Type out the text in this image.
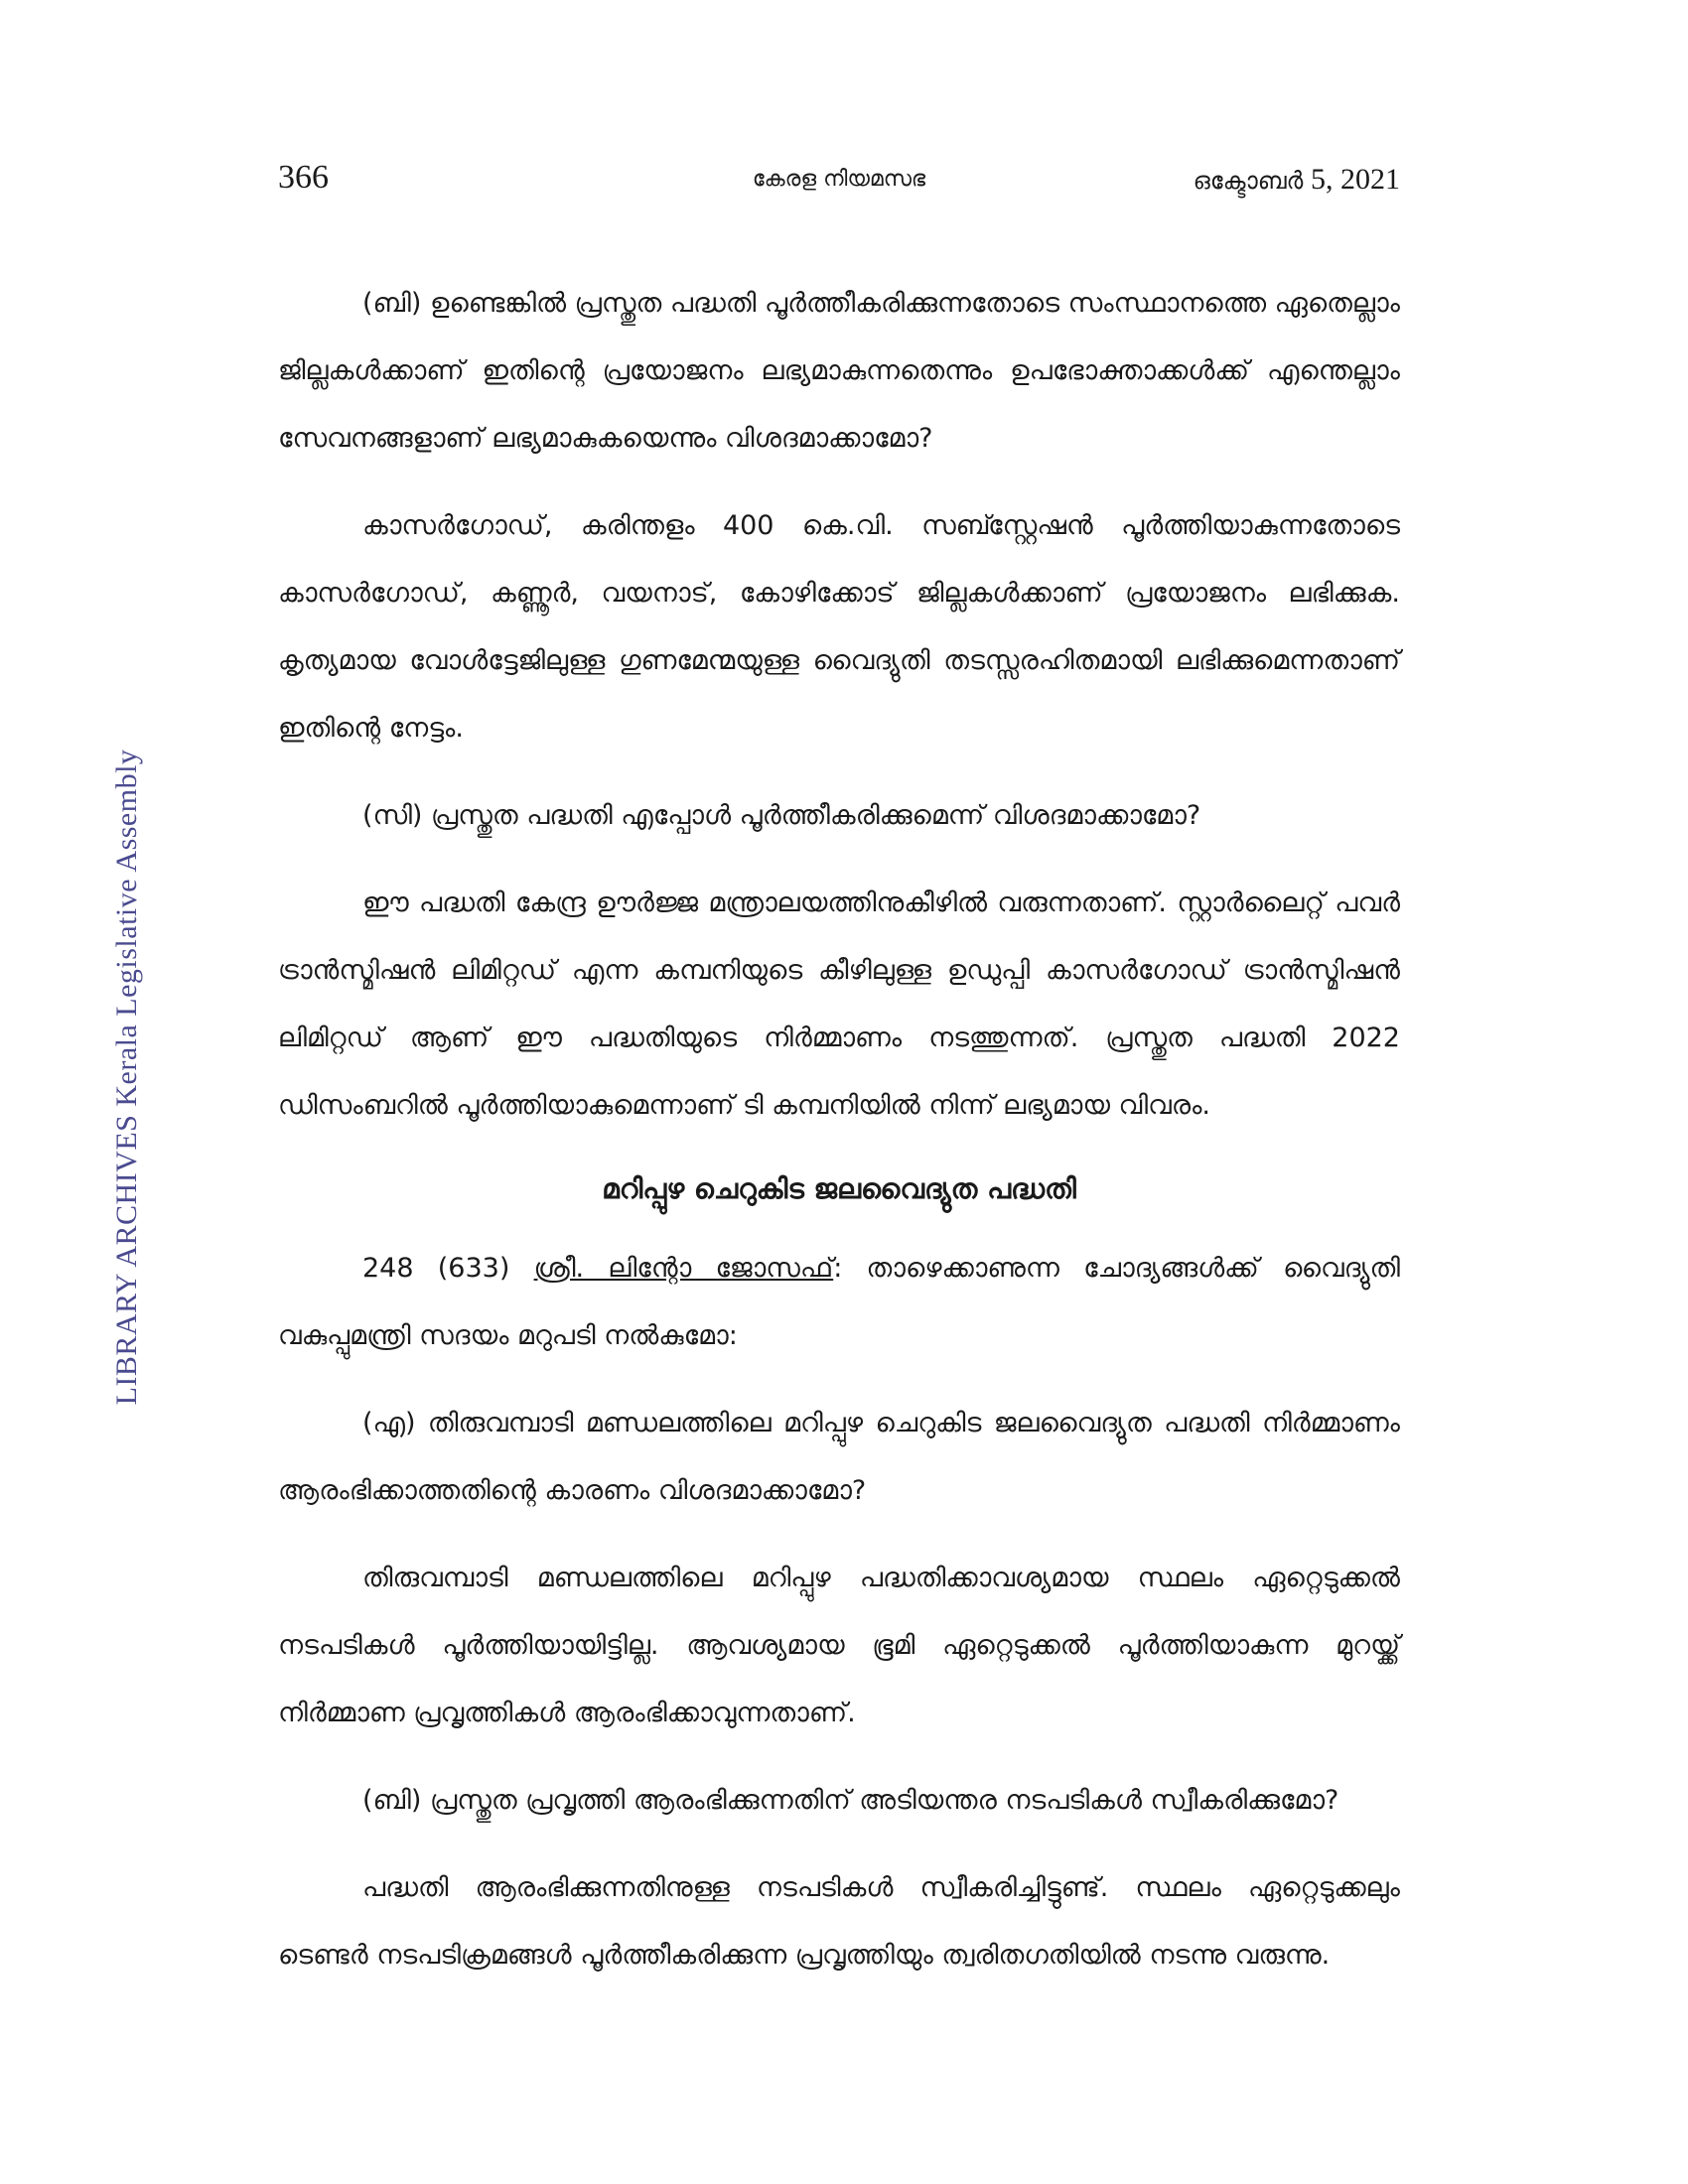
366	കേരള നിയമസഭ	ഒക്ടോബർ 5, 2021
LIBRARY ARCHIVES Kerala Legislative Assembly

(ബി) ഉണ്ടെങ്കിൽ പ്രസ്തുത പദ്ധതി പൂർത്തീകരിക്കുന്നതോടെ സംസ്ഥാനത്തെ ഏതെല്ലാം ജില്ലകൾക്കാണ് ഇതിന്റെ പ്രയോജനം ലഭ്യമാകുന്നതെന്നും ഉപഭോക്താക്കൾക്ക് എന്തെല്ലാം സേവനങ്ങളാണ് ലഭ്യമാകുകയെന്നും വിശദമാക്കാമോ?

കാസർഗോഡ്, കരിന്തളം 400 കെ.വി. സബ്സ്റ്റേഷൻ പൂർത്തിയാകുന്നതോടെ കാസർഗോഡ്, കണ്ണൂർ, വയനാട്, കോഴിക്കോട് ജില്ലകൾക്കാണ് പ്രയോജനം ലഭിക്കുക. കൃത്യമായ വോൾട്ടേജിലുള്ള ഗുണമേന്മയുള്ള വൈദ്യുതി തടസ്സരഹിതമായി ലഭിക്കുമെന്നതാണ് ഇതിന്റെ നേട്ടം.

(സി) പ്രസ്തുത പദ്ധതി എപ്പോൾ പൂർത്തീകരിക്കുമെന്ന് വിശദമാക്കാമോ?

ഈ പദ്ധതി കേന്ദ്ര ഊർജ്ജ മന്ത്രാലയത്തിനുകീഴിൽ വരുന്നതാണ്. സ്റ്റാർലൈറ്റ് പവർ ട്രാൻസ്മിഷൻ ലിമിറ്റഡ് എന്ന കമ്പനിയുടെ കീഴിലുള്ള ഉഡുപ്പി കാസർഗോഡ് ട്രാൻസ്മിഷൻ ലിമിറ്റഡ് ആണ് ഈ പദ്ധതിയുടെ നിർമ്മാണം നടത്തുന്നത്. പ്രസ്തുത പദ്ധതി 2022 ഡിസംബറിൽ പൂർത്തിയാകുമെന്നാണ് ടി കമ്പനിയിൽ നിന്ന് ലഭ്യമായ വിവരം.

മറിപ്പുഴ ചെറുകിട ജലവൈദ്യുത പദ്ധതി

248 (633) ശ്രീ. ലിന്റോ ജോസഫ്: താഴെക്കാണുന്ന ചോദ്യങ്ങൾക്ക് വൈദ്യുതി വകുപ്പുമന്ത്രി സദയം മറുപടി നൽകുമോ:

(എ) തിരുവമ്പാടി മണ്ഡലത്തിലെ മറിപ്പുഴ ചെറുകിട ജലവൈദ്യുത പദ്ധതി നിർമ്മാണം ആരംഭിക്കാത്തതിന്റെ കാരണം വിശദമാക്കാമോ?

തിരുവമ്പാടി മണ്ഡലത്തിലെ മറിപ്പുഴ പദ്ധതിക്കാവശ്യമായ സ്ഥലം ഏറ്റെടുക്കൽ നടപടികൾ പൂർത്തിയായിട്ടില്ല. ആവശ്യമായ ഭൂമി ഏറ്റെടുക്കൽ പൂർത്തിയാകുന്ന മുറയ്ക്ക് നിർമ്മാണ പ്രവൃത്തികൾ ആരംഭിക്കാവുന്നതാണ്.

(ബി) പ്രസ്തുത പ്രവൃത്തി ആരംഭിക്കുന്നതിന് അടിയന്തര നടപടികൾ സ്വീകരിക്കുമോ?

പദ്ധതി ആരംഭിക്കുന്നതിനുള്ള നടപടികൾ സ്വീകരിച്ചിട്ടുണ്ട്. സ്ഥലം ഏറ്റെടുക്കലും ടെണ്ടർ നടപടിക്രമങ്ങൾ പൂർത്തീകരിക്കുന്ന പ്രവൃത്തിയും ത്വരിതഗതിയിൽ നടന്നു വരുന്നു.
